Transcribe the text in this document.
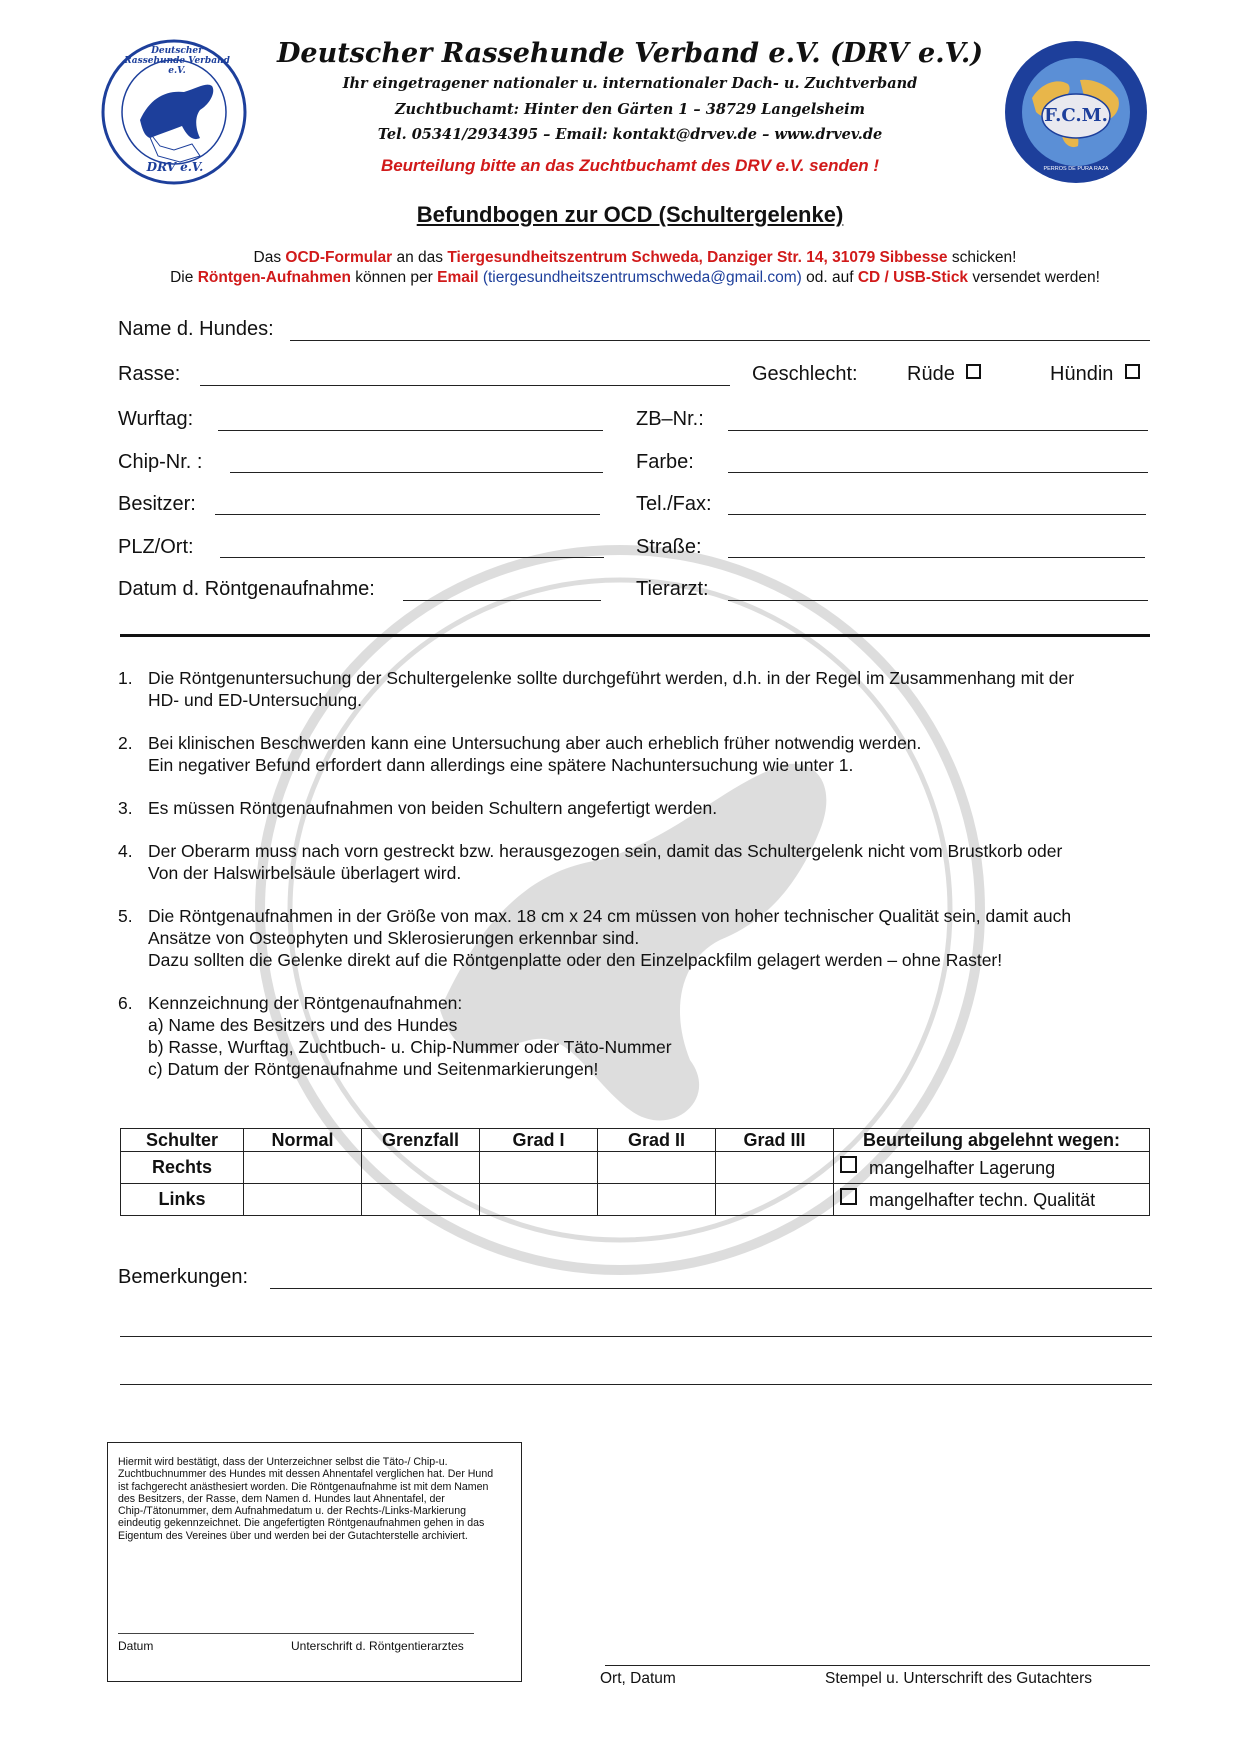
Deutscher Rassehunde Verband e.V.
DRV e.V.
F.C.M.
PERROS DE PURA RAZA
Deutscher Rassehunde Verband e.V. (DRV e.V.)
Ihr eingetragener nationaler u. internationaler Dach- u. Zuchtverband
Zuchtbuchamt: Hinter den Gärten 1 – 38729 Langelsheim
Tel. 05341/2934395 – Email: kontakt@drvev.de – www.drvev.de
Beurteilung bitte an das Zuchtbuchamt des DRV e.V. senden !
Befundbogen zur OCD (Schultergelenke)
Das OCD-Formular an das Tiergesundheitszentrum Schweda, Danziger Str. 14, 31079 Sibbesse schicken!
Die Röntgen-Aufnahmen können per Email (tiergesundheitszentrumschweda@gmail.com) od. auf CD / USB-Stick versendet werden!
Name d. Hundes:
Rasse:	Geschlecht: Rüde	Hündin
Wurftag:	ZB–Nr.:
Chip-Nr. :	Farbe:
Besitzer:	Tel./Fax:
PLZ/Ort:	Straße:
Datum d. Röntgenaufnahme:	Tierarzt:
1. Die Röntgenuntersuchung der Schultergelenke sollte durchgeführt werden, d.h. in der Regel im Zusammenhang mit der
HD- und ED-Untersuchung.
2. Bei klinischen Beschwerden kann eine Untersuchung aber auch erheblich früher notwendig werden.
Ein negativer Befund erfordert dann allerdings eine spätere Nachuntersuchung wie unter 1.
3. Es müssen Röntgenaufnahmen von beiden Schultern angefertigt werden.
4. Der Oberarm muss nach vorn gestreckt bzw. herausgezogen sein, damit das Schultergelenk nicht vom Brustkorb oder
Von der Halswirbelsäule überlagert wird.
5. Die Röntgenaufnahmen in der Größe von max. 18 cm x 24 cm müssen von hoher technischer Qualität sein, damit auch
Ansätze von Osteophyten und Sklerosierungen erkennbar sind.
Dazu sollten die Gelenke direkt auf die Röntgenplatte oder den Einzelpackfilm gelagert werden – ohne Raster!
6. Kennzeichnung der Röntgenaufnahmen:
a) Name des Besitzers und des Hundes
b) Rasse, Wurftag, Zuchtbuch- u. Chip-Nummer oder Täto-Nummer
c) Datum der Röntgenaufnahme und Seitenmarkierungen!
Schulter	Normal	Grenzfall	Grad I	Grad II	Grad III	Beurteilung abgelehnt wegen:
Rechts						mangelhafter Lagerung
Links						mangelhafter techn. Qualität
Bemerkungen:
Hiermit wird bestätigt, dass der Unterzeichner selbst die Täto-/ Chip-u. Zuchtbuchnummer des Hundes mit dessen Ahnentafel verglichen hat. Der Hund ist fachgerecht anästhesiert worden. Die Röntgenaufnahme ist mit dem Namen des Besitzers, der Rasse, dem Namen d. Hundes laut Ahnentafel, der Chip-/Tätonummer, dem Aufnahmedatum u. der Rechts-/Links-Markierung eindeutig gekennzeichnet. Die angefertigten Röntgenaufnahmen gehen in das Eigentum des Vereines über und werden bei der Gutachterstelle archiviert.
Datum	Unterschrift d. Röntgentierarztes
Ort, Datum	Stempel u. Unterschrift des Gutachters
